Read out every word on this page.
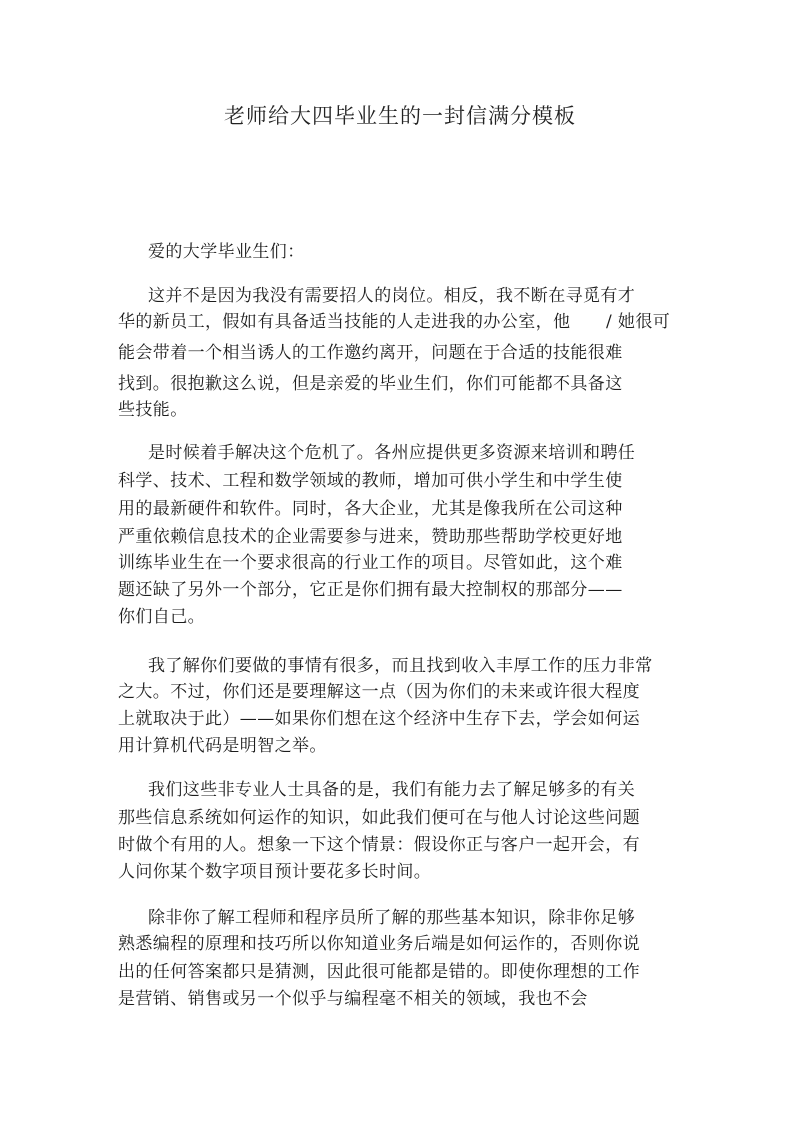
老师给大四毕业生的一封信满分模板
爱的大学毕业生们：
这并不是因为我没有需要招人的岗位。相反，我不断在寻觅有才
华的新员工，假如有具备适当技能的人走进我的办公室，他 / 她很可
能会带着一个相当诱人的工作邀约离开，问题在于合适的技能很难
找到。很抱歉这么说，但是亲爱的毕业生们，你们可能都不具备这
些技能。
是时候着手解决这个危机了。各州应提供更多资源来培训和聘任
科学、技术、工程和数学领域的教师，增加可供小学生和中学生使
用的最新硬件和软件。同时，各大企业，尤其是像我所在公司这种
严重依赖信息技术的企业需要参与进来，赞助那些帮助学校更好地
训练毕业生在一个要求很高的行业工作的项目。尽管如此，这个难
题还缺了另外一个部分，它正是你们拥有最大控制权的那部分——
你们自己。
我了解你们要做的事情有很多，而且找到收入丰厚工作的压力非常
之大。不过，你们还是要理解这一点（因为你们的未来或许很大程度
上就取决于此）——如果你们想在这个经济中生存下去，学会如何运
用计算机代码是明智之举。
我们这些非专业人士具备的是，我们有能力去了解足够多的有关
那些信息系统如何运作的知识，如此我们便可在与他人讨论这些问题
时做个有用的人。想象一下这个情景：假设你正与客户一起开会，有
人问你某个数字项目预计要花多长时间。
除非你了解工程师和程序员所了解的那些基本知识，除非你足够
熟悉编程的原理和技巧所以你知道业务后端是如何运作的，否则你说
出的任何答案都只是猜测，因此很可能都是错的。即使你理想的工作
是营销、销售或另一个似乎与编程毫不相关的领域，我也不会
